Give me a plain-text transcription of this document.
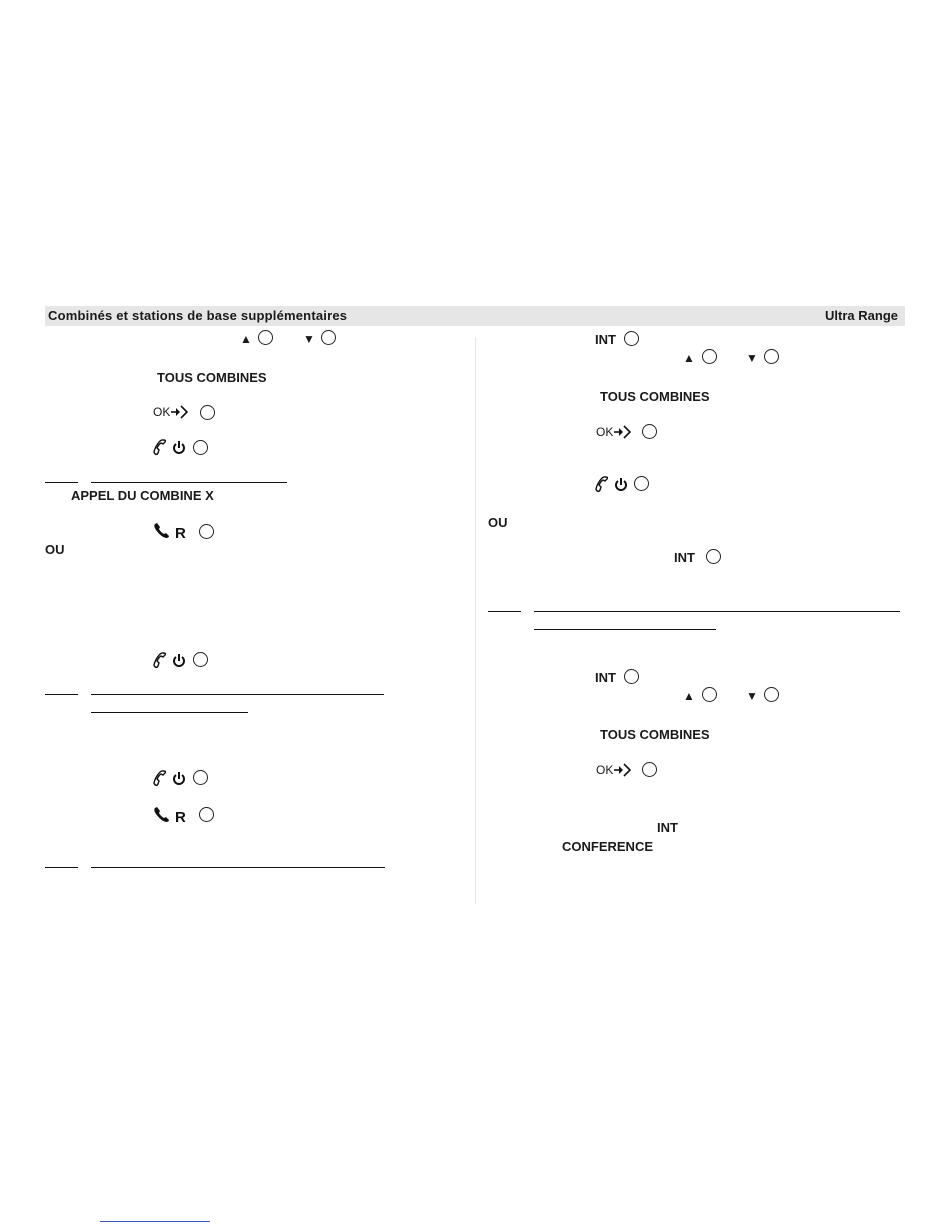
Combinés et stations de base supplémentaires	Ultra Range
▲	▼
TOUS COMBINES
OK
APPEL DU COMBINE X
R
OU
R
INT
▲	▼
TOUS COMBINES
OK
OU
INT
INT
▲	▼
TOUS COMBINES
OK
INT
CONFERENCE
